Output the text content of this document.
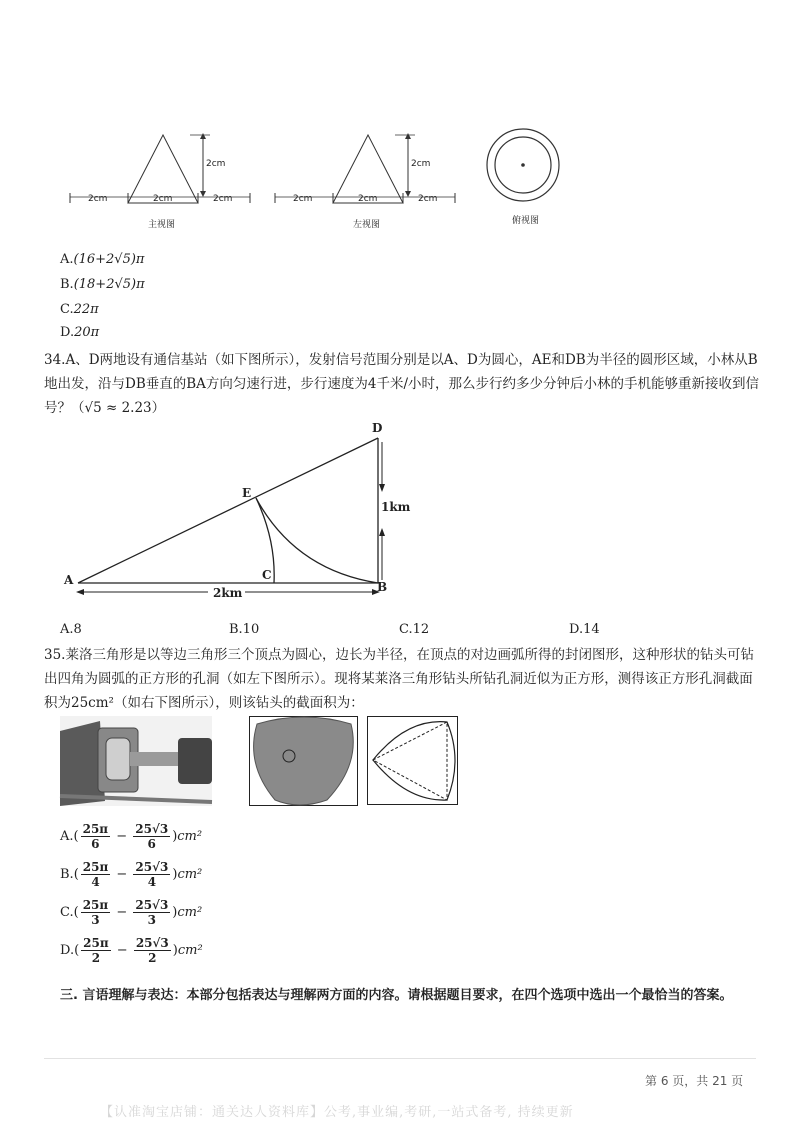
2cm
2cm	2cm	2cm
主视图
2cm
2cm	2cm	2cm
左视图	俯视图
A.(16+2√5)π
B.(18+2√5)π
C.22π
D.20π
34.A、D两地设有通信基站（如下图所示），发射信号范围分别是以A、D为圆心，AE和DB为半径的圆形区域，小林从B地出发，沿与DB垂直的BA方向匀速行进，步行速度为4千米/小时，那么步行约多少分钟后小林的手机能够重新接收到信号？（√5 ≈ 2.23）
A	B
C
D
E
1km
2km
A.8	B.10	C.12	D.14
35.莱洛三角形是以等边三角形三个顶点为圆心，边长为半径，在顶点的对边画弧所得的封闭图形，这种形状的钻头可钻出四角为圆弧的正方形的孔洞（如左下图所示）。现将某莱洛三角形钻头所钻孔洞近似为正方形，测得该正方形孔洞截面积为25cm²（如右下图所示），则该钻头的截面积为：
A. ( $\frac{25\pi}{6} - \frac{25√3}{6}$ ) cm²
B. ( $\frac{25\pi}{4} - \frac{25√3}{4}$ ) cm²
C. ( $\frac{25\pi}{3} - \frac{25√3}{3}$ ) cm²
D. ( $\frac{25\pi}{2} - \frac{25√3}{2}$ ) cm²
三. 言语理解与表达：本部分包括表达与理解两方面的内容。请根据题目要求，在四个选项中选出一个最恰当的答案。
第 6 页，共 21 页
【认准淘宝店铺：通关达人资料库】公考,事业编,考研,一站式备考, 持续更新
